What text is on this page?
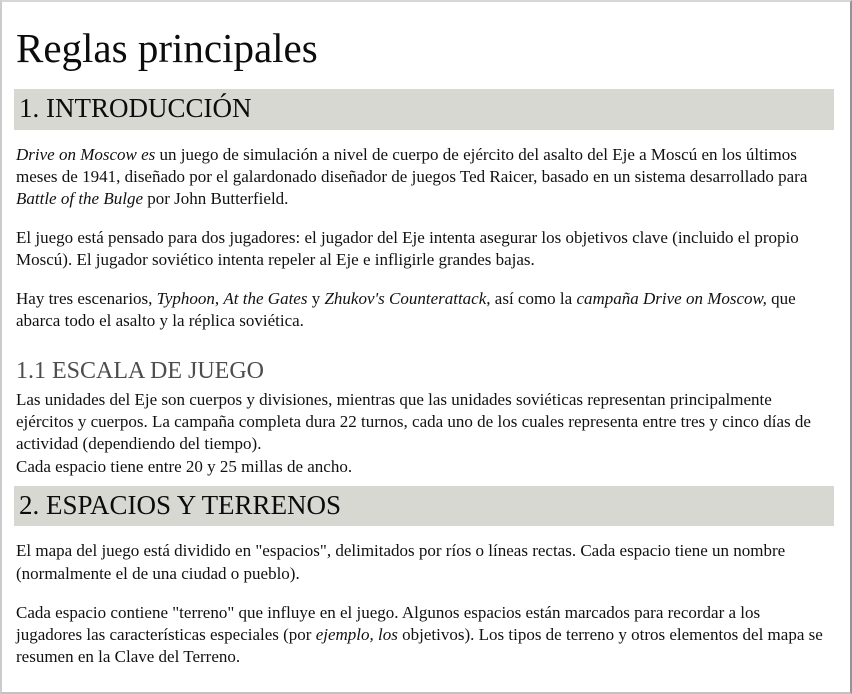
Reglas principales
1. INTRODUCCIÓN

Drive on Moscow es un juego de simulación a nivel de cuerpo de ejército del asalto del Eje a Moscú en los últimos meses de 1941, diseñado por el galardonado diseñador de juegos Ted Raicer, basado en un sistema desarrollado para Battle of the Bulge por John Butterfield.

El juego está pensado para dos jugadores: el jugador del Eje intenta asegurar los objetivos clave (incluido el propio Moscú). El jugador soviético intenta repeler al Eje e infligirle grandes bajas.

Hay tres escenarios, Typhoon, At the Gates y Zhukov's Counterattack, así como la campaña Drive on Moscow, que abarca todo el asalto y la réplica soviética.

1.1 ESCALA DE JUEGO

Las unidades del Eje son cuerpos y divisiones, mientras que las unidades soviéticas representan principalmente ejércitos y cuerpos. La campaña completa dura 22 turnos, cada uno de los cuales representa entre tres y cinco días de actividad (dependiendo del tiempo).
Cada espacio tiene entre 20 y 25 millas de ancho.

2. ESPACIOS Y TERRENOS

El mapa del juego está dividido en "espacios", delimitados por ríos o líneas rectas. Cada espacio tiene un nombre (normalmente el de una ciudad o pueblo).

Cada espacio contiene "terreno" que influye en el juego. Algunos espacios están marcados para recordar a los jugadores las características especiales (por ejemplo, los objetivos). Los tipos de terreno y otros elementos del mapa se resumen en la Clave del Terreno.
